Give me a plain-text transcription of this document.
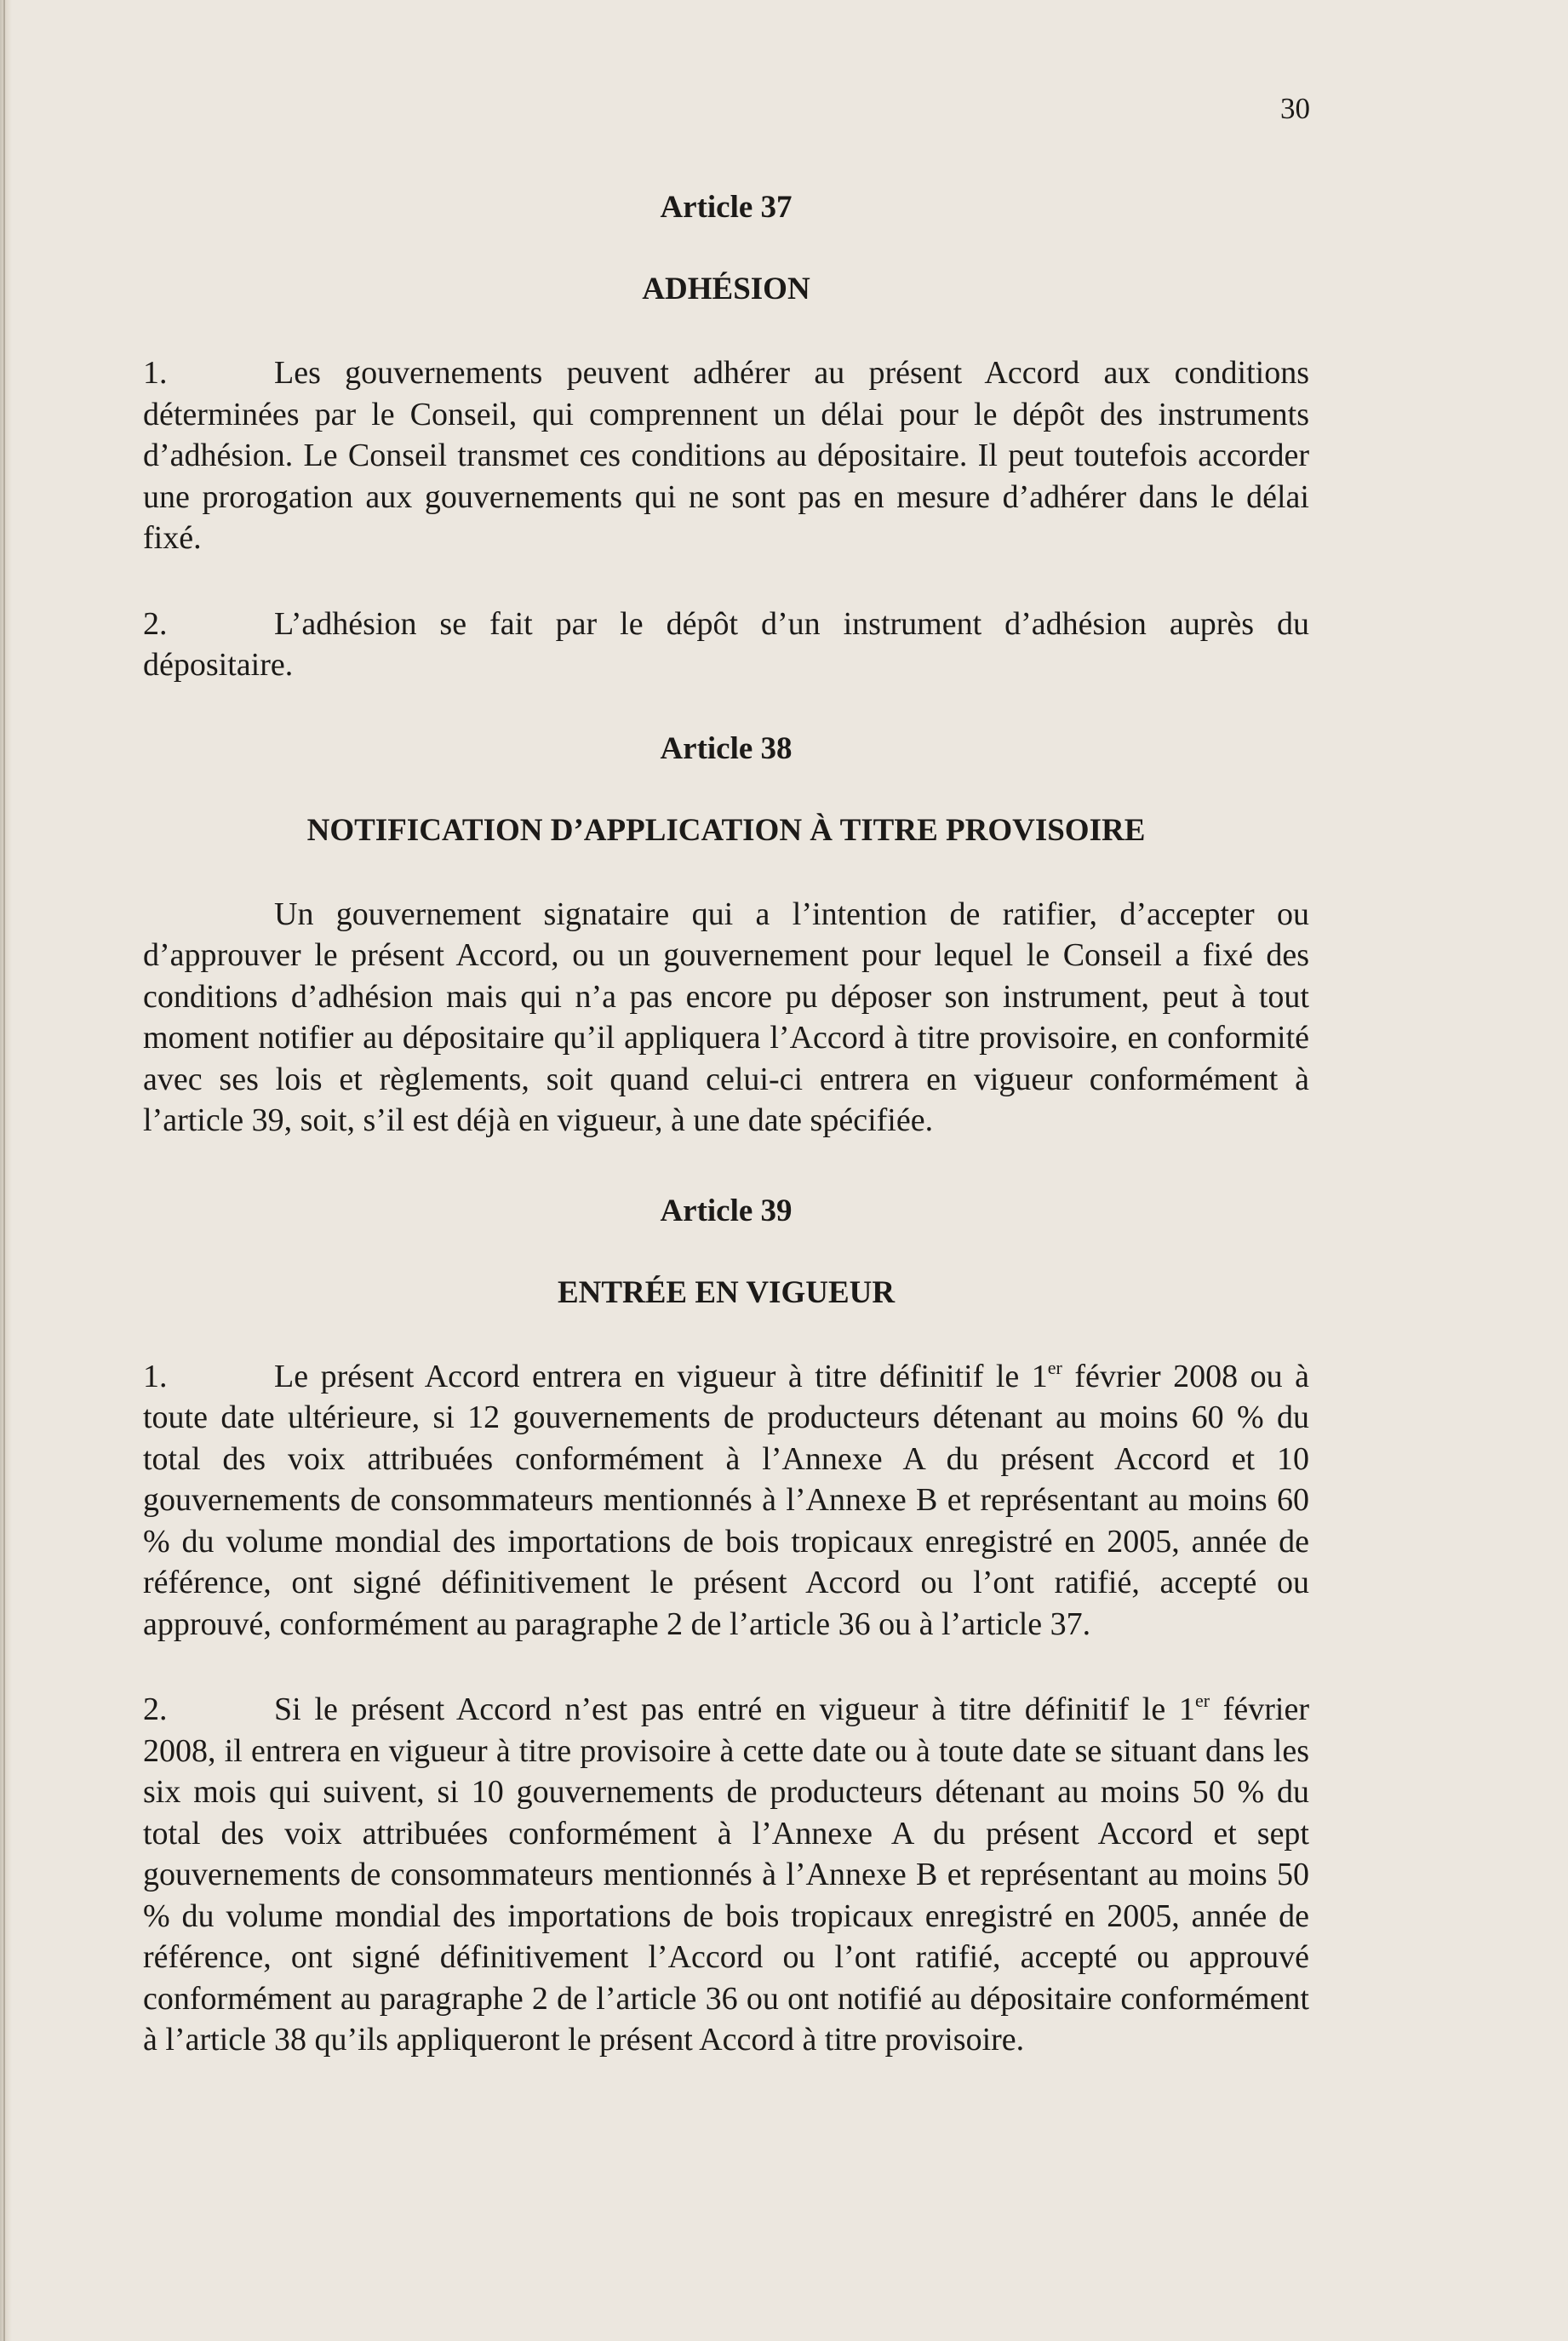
30
Article 37
ADHÉSION

1.	Les gouvernements peuvent adhérer au présent Accord aux conditions déterminées par le Conseil, qui comprennent un délai pour le dépôt des instruments d’adhésion. Le Conseil transmet ces conditions au dépositaire. Il peut toutefois accorder une prorogation aux gouvernements qui ne sont pas en mesure d’adhérer dans le délai fixé.

2.	L’adhésion se fait par le dépôt d’un instrument d’adhésion auprès du dépositaire.

Article 38
NOTIFICATION D’APPLICATION À TITRE PROVISOIRE

Un gouvernement signataire qui a l’intention de ratifier, d’accepter ou d’approuver le présent Accord, ou un gouvernement pour lequel le Conseil a fixé des conditions d’adhésion mais qui n’a pas encore pu déposer son instrument, peut à tout moment notifier au dépositaire qu’il appliquera l’Accord à titre provisoire, en conformité avec ses lois et règlements, soit quand celui-ci entrera en vigueur conformément à l’article 39, soit, s’il est déjà en vigueur, à une date spécifiée.

Article 39
ENTRÉE EN VIGUEUR

1.	Le présent Accord entrera en vigueur à titre définitif le 1er février 2008 ou à toute date ultérieure, si 12 gouvernements de producteurs détenant au moins 60 % du total des voix attribuées conformément à l’Annexe A du présent Accord et 10 gouvernements de consommateurs mentionnés à l’Annexe B et représentant au moins 60 % du volume mondial des importations de bois tropicaux enregistré en 2005, année de référence, ont signé définitivement le présent Accord ou l’ont ratifié, accepté ou approuvé, conformément au paragraphe 2 de l’article 36 ou à l’article 37.

2.	Si le présent Accord n’est pas entré en vigueur à titre définitif le 1er février 2008, il entrera en vigueur à titre provisoire à cette date ou à toute date se situant dans les six mois qui suivent, si 10 gouvernements de producteurs détenant au moins 50 % du total des voix attribuées conformément à l’Annexe A du présent Accord et sept gouvernements de consommateurs mentionnés à l’Annexe B et représentant au moins 50 % du volume mondial des importations de bois tropicaux enregistré en 2005, année de référence, ont signé définitivement l’Accord ou l’ont ratifié, accepté ou approuvé conformément au paragraphe 2 de l’article 36 ou ont notifié au dépositaire conformément à l’article 38 qu’ils appliqueront le présent Accord à titre provisoire.
